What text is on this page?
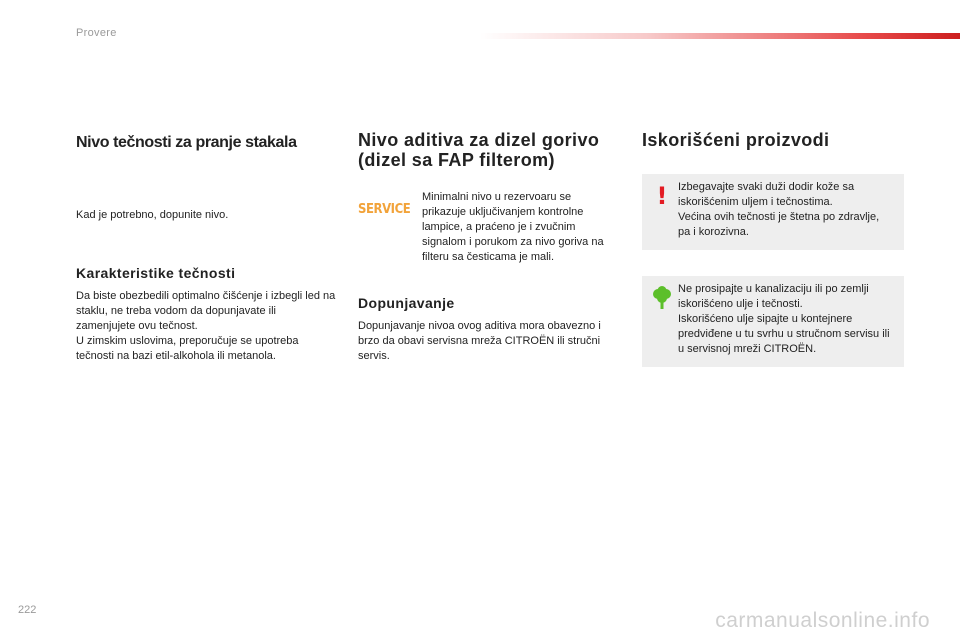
Provere
Nivo tečnosti za pranje stakala

Kad je potrebno, dopunite nivo.

Karakteristike tečnosti

Da biste obezbedili optimalno čišćenje i izbegli led na staklu, ne treba vodom da dopunjavate ili zamenjujete ovu tečnost.
U zimskim uslovima, preporučuje se upotreba tečnosti na bazi etil-alkohola ili metanola.

Nivo aditiva za dizel gorivo (dizel sa FAP filterom)
SERVICE

Minimalni nivo u rezervoaru se prikazuje uključivanjem kontrolne lampice, a praćeno je i zvučnim signalom i porukom za nivo goriva na filteru sa česticama je mali.

Dopunjavanje

Dopunjavanje nivoa ovog aditiva mora obavezno i brzo da obavi servisna mreža CITROËN ili stručni servis.

Iskorišćeni proizvodi
! Izbegavajte svaki duži dodir kože sa iskorišćenim uljem i tečnostima.
Većina ovih tečnosti je štetna po zdravlje, pa i korozivna.

Ne prosipajte u kanalizaciju ili po zemlji iskorišćeno ulje i tečnosti.
Iskorišćeno ulje sipajte u kontejnere predviđene u tu svrhu u stručnom servisu ili u servisnoj mreži CITROËN.

222	carmanualsonline.info
